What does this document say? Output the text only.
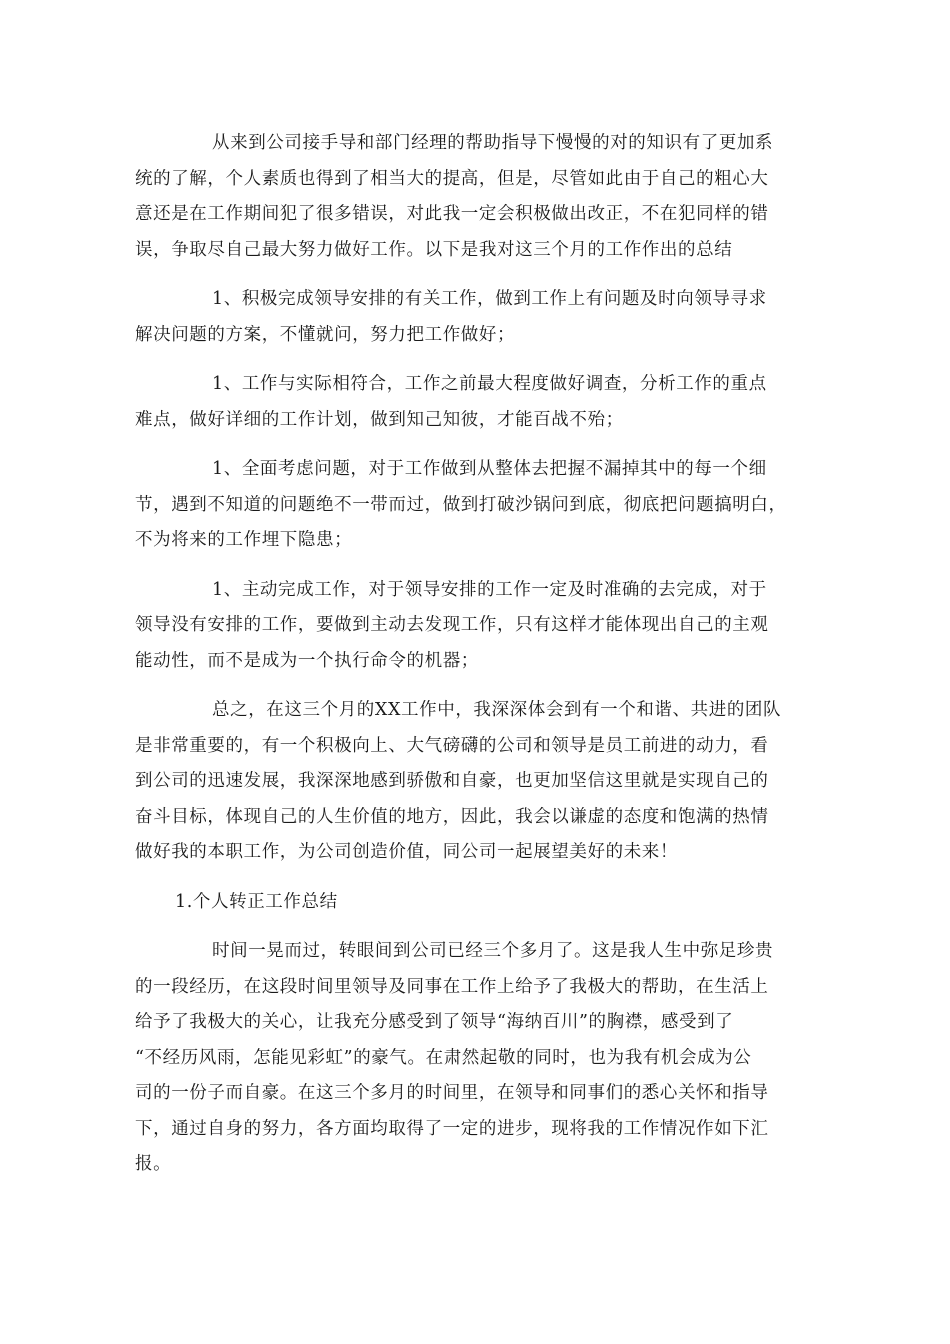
从来到公司接手导和部门经理的帮助指导下慢慢的对的知识有了更加系
统的了解，个人素质也得到了相当大的提高，但是，尽管如此由于自己的粗心大
意还是在工作期间犯了很多错误，对此我一定会积极做出改正，不在犯同样的错
误，争取尽自己最大努力做好工作。以下是我对这三个月的工作作出的总结

1、积极完成领导安排的有关工作，做到工作上有问题及时向领导寻求
解决问题的方案，不懂就问，努力把工作做好；

1、工作与实际相符合，工作之前最大程度做好调查，分析工作的重点
难点，做好详细的工作计划，做到知己知彼，才能百战不殆；

1、全面考虑问题，对于工作做到从整体去把握不漏掉其中的每一个细
节，遇到不知道的问题绝不一带而过，做到打破沙锅问到底，彻底把问题搞明白，
不为将来的工作埋下隐患；

1、主动完成工作，对于领导安排的工作一定及时准确的去完成，对于
领导没有安排的工作，要做到主动去发现工作，只有这样才能体现出自己的主观
能动性，而不是成为一个执行命令的机器；

总之，在这三个月的XX工作中，我深深体会到有一个和谐、共进的团队
是非常重要的，有一个积极向上、大气磅礴的公司和领导是员工前进的动力，看
到公司的迅速发展，我深深地感到骄傲和自豪，也更加坚信这里就是实现自己的
奋斗目标，体现自己的人生价值的地方，因此，我会以谦虚的态度和饱满的热情
做好我的本职工作，为公司创造价值，同公司一起展望美好的未来！

1.个人转正工作总结

时间一晃而过，转眼间到公司已经三个多月了。这是我人生中弥足珍贵
的一段经历，在这段时间里领导及同事在工作上给予了我极大的帮助，在生活上
给予了我极大的关心，让我充分感受到了领导“海纳百川”的胸襟，感受到了
“不经历风雨，怎能见彩虹”的豪气。在肃然起敬的同时，也为我有机会成为公
司的一份子而自豪。在这三个多月的时间里，在领导和同事们的悉心关怀和指导
下，通过自身的努力，各方面均取得了一定的进步，现将我的工作情况作如下汇
报。
